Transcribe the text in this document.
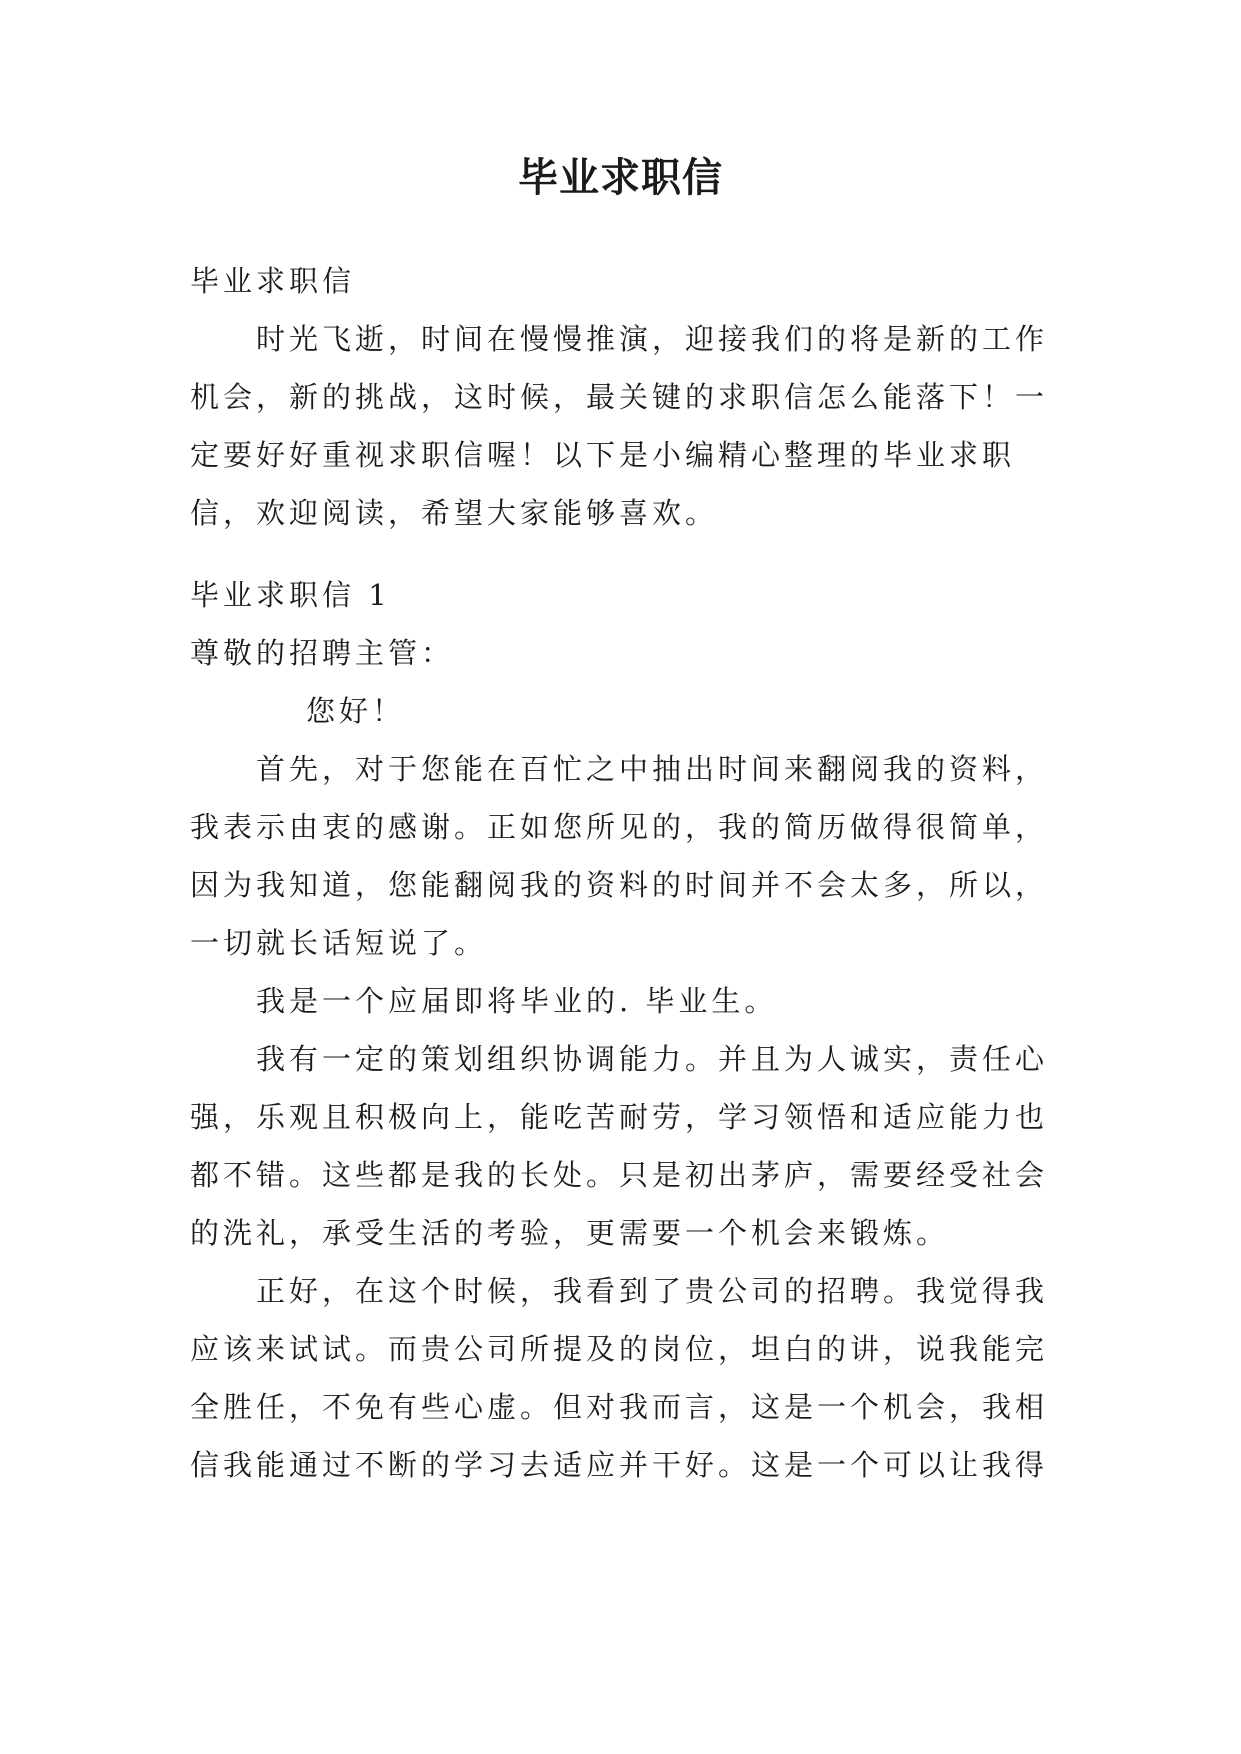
毕业求职信

毕业求职信

时光飞逝，时间在慢慢推演，迎接我们的将是新的工作机会，新的挑战，这时候，最关键的求职信怎么能落下！一定要好好重视求职信喔！以下是小编精心整理的毕业求职信，欢迎阅读，希望大家能够喜欢。

毕业求职信 1

尊敬的招聘主管：

您好！

首先，对于您能在百忙之中抽出时间来翻阅我的资料，我表示由衷的感谢。正如您所见的，我的简历做得很简单，因为我知道，您能翻阅我的资料的时间并不会太多，所以，一切就长话短说了。

我是一个应届即将毕业的. 毕业生。

我有一定的策划组织协调能力。并且为人诚实，责任心强，乐观且积极向上，能吃苦耐劳，学习领悟和适应能力也都不错。这些都是我的长处。只是初出茅庐，需要经受社会的洗礼，承受生活的考验，更需要一个机会来锻炼。

正好，在这个时候，我看到了贵公司的招聘。我觉得我应该来试试。而贵公司所提及的岗位，坦白的讲，说我能完全胜任，不免有些心虚。但对我而言，这是一个机会，我相信我能通过不断的学习去适应并干好。这是一个可以让我得
